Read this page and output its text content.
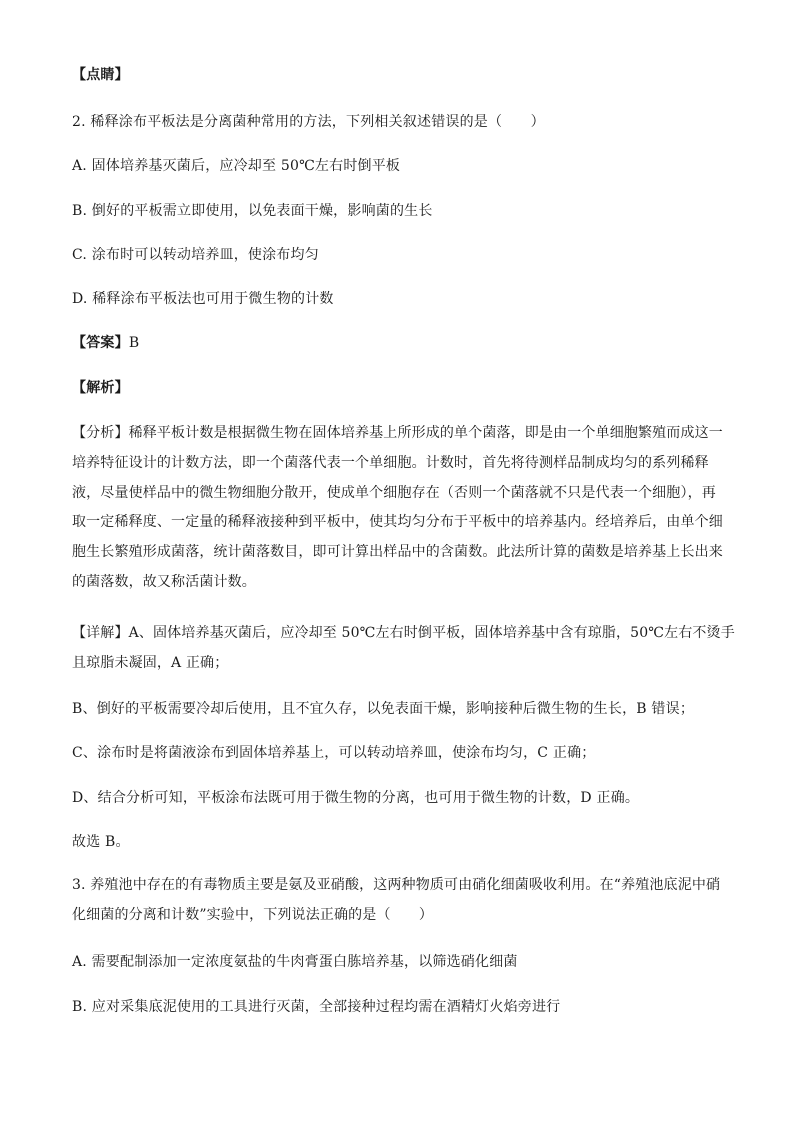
【点睛】
2. 稀释涂布平板法是分离菌种常用的方法，下列相关叙述错误的是（　　）
A. 固体培养基灭菌后，应冷却至 50℃左右时倒平板
B. 倒好的平板需立即使用，以免表面干燥，影响菌的生长
C. 涂布时可以转动培养皿，使涂布均匀
D. 稀释涂布平板法也可用于微生物的计数
【答案】B
【解析】
【分析】稀释平板计数是根据微生物在固体培养基上所形成的单个菌落，即是由一个单细胞繁殖而成这一
培养特征设计的计数方法，即一个菌落代表一个单细胞。计数时，首先将待测样品制成均匀的系列稀释
液，尽量使样品中的微生物细胞分散开，使成单个细胞存在（否则一个菌落就不只是代表一个细胞），再
取一定稀释度、一定量的稀释液接种到平板中，使其均匀分布于平板中的培养基内。经培养后，由单个细
胞生长繁殖形成菌落，统计菌落数目，即可计算出样品中的含菌数。此法所计算的菌数是培养基上长出来
的菌落数，故又称活菌计数。
【详解】A、固体培养基灭菌后，应冷却至 50℃左右时倒平板，固体培养基中含有琼脂，50℃左右不烫手
且琼脂未凝固，A 正确；
B、倒好的平板需要冷却后使用，且不宜久存，以免表面干燥，影响接种后微生物的生长，B 错误；
C、涂布时是将菌液涂布到固体培养基上，可以转动培养皿，使涂布均匀，C 正确；
D、结合分析可知，平板涂布法既可用于微生物的分离，也可用于微生物的计数，D 正确。
故选 B。
3. 养殖池中存在的有毒物质主要是氨及亚硝酸，这两种物质可由硝化细菌吸收利用。在“养殖池底泥中硝
化细菌的分离和计数”实验中，下列说法正确的是（　　）
A. 需要配制添加一定浓度氨盐的牛肉膏蛋白胨培养基，以筛选硝化细菌
B. 应对采集底泥使用的工具进行灭菌，全部接种过程均需在酒精灯火焰旁进行
